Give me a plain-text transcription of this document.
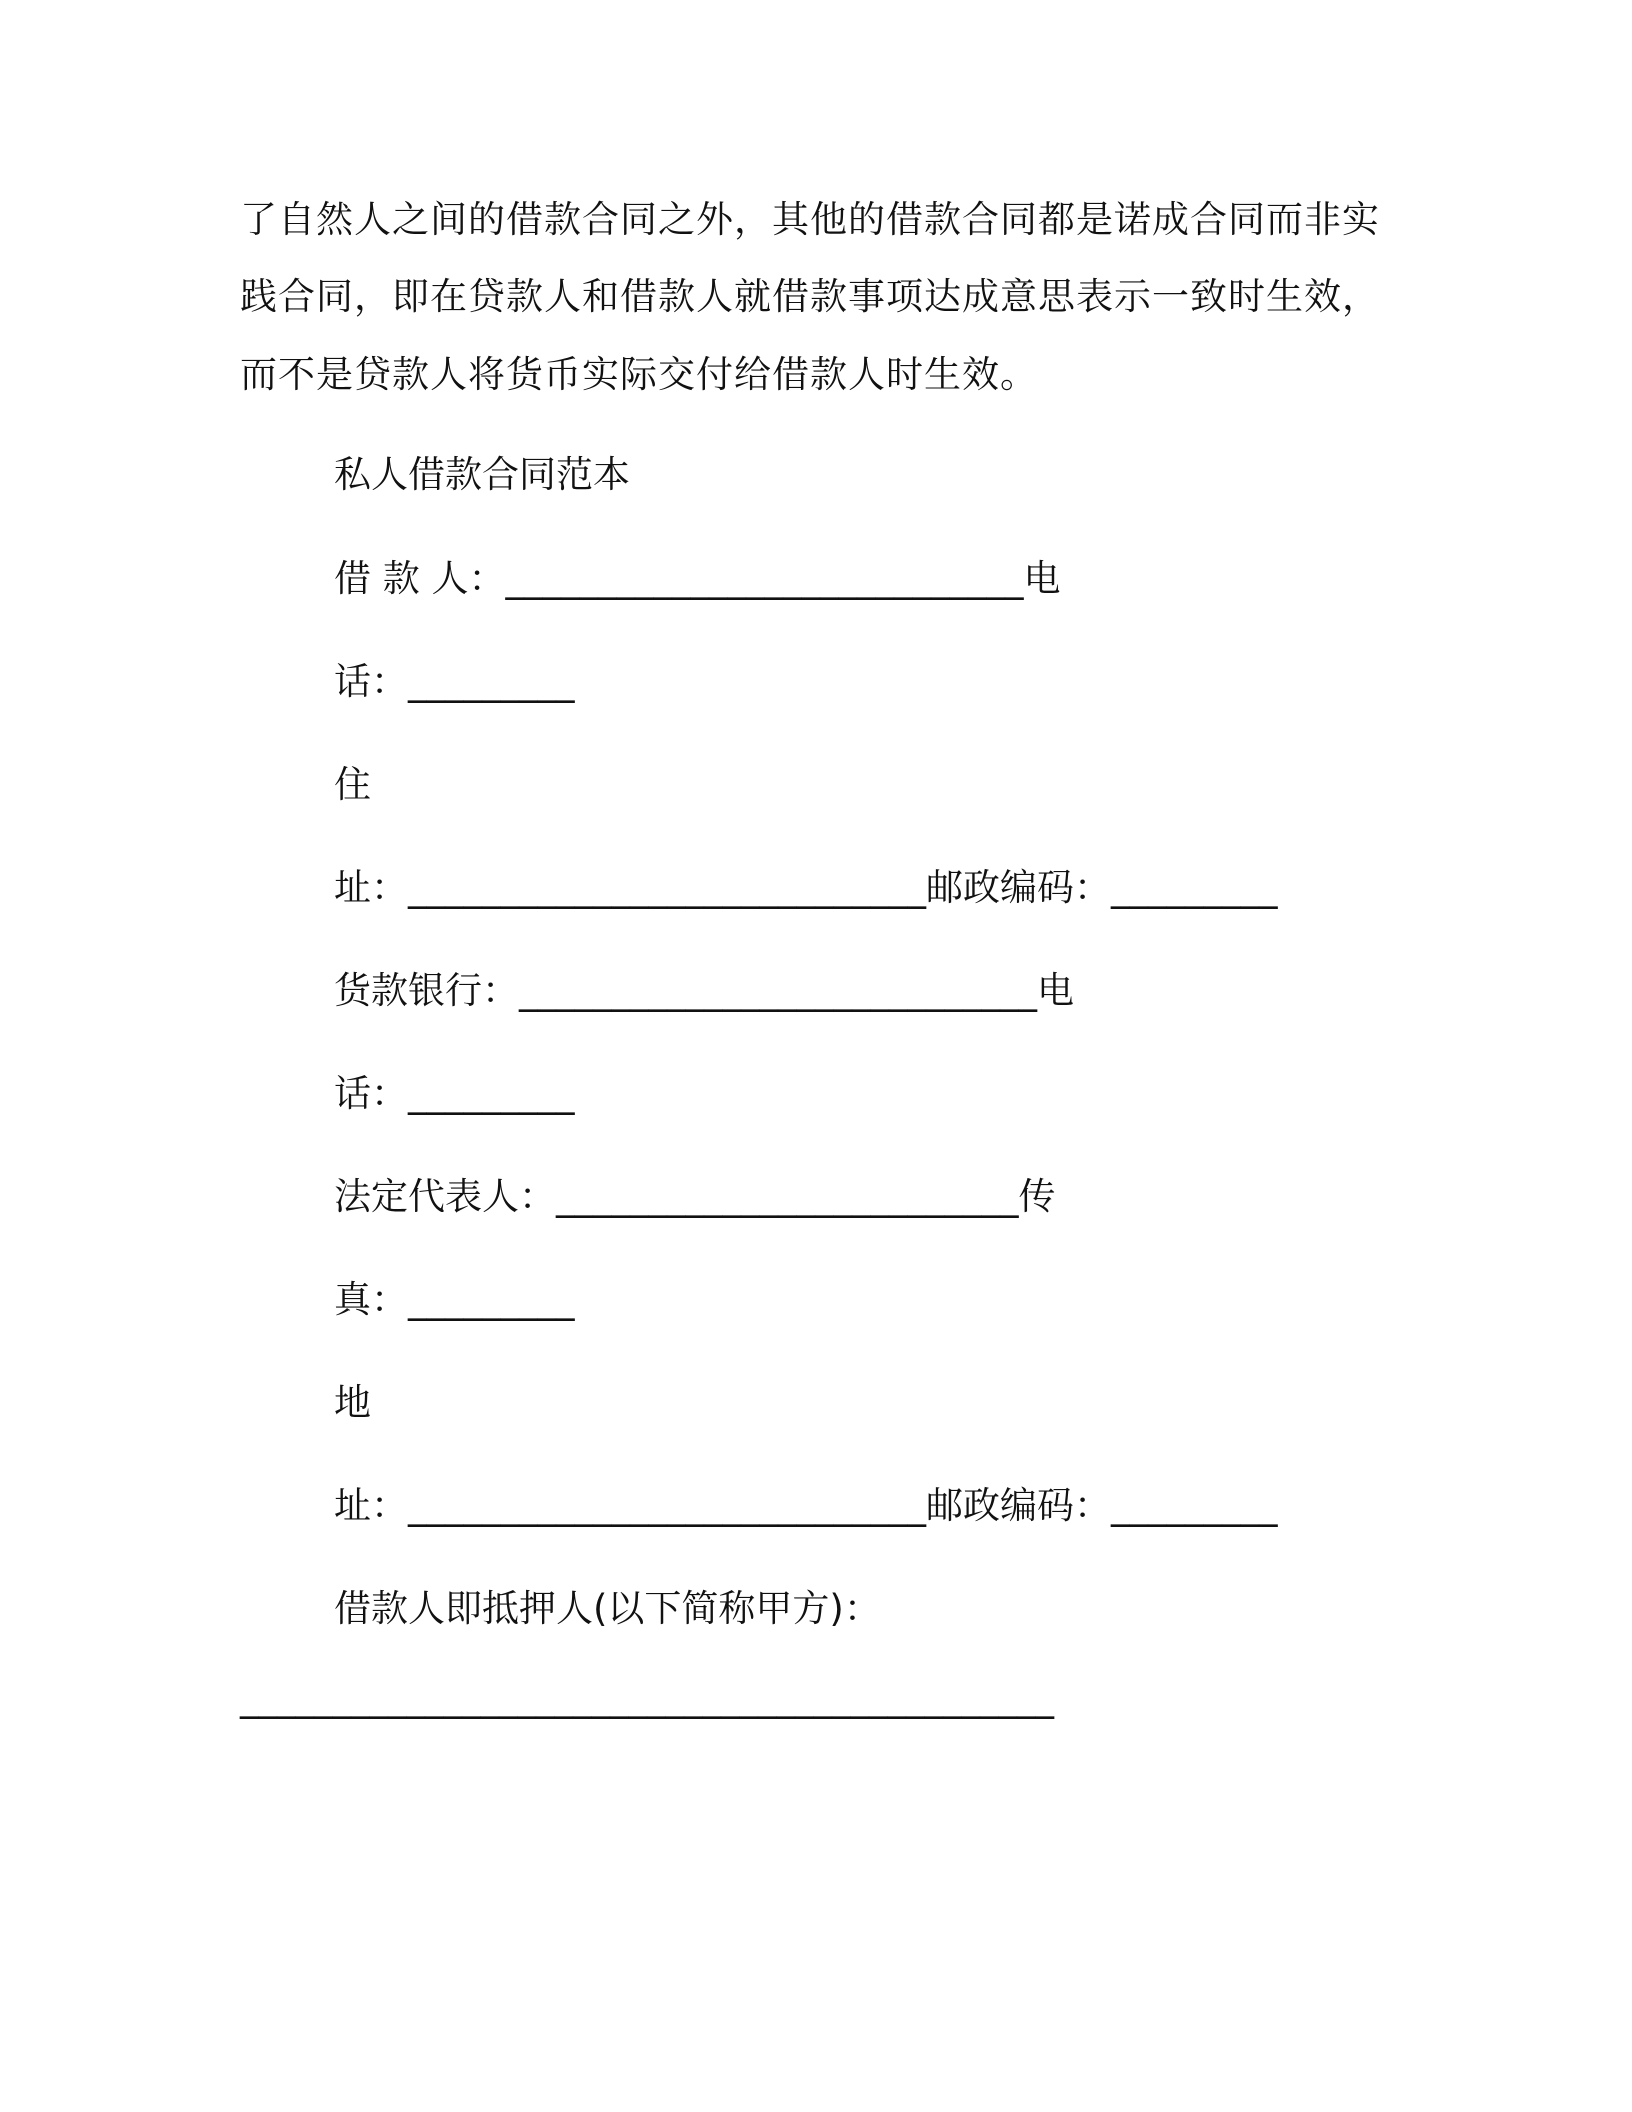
了自然人之间的借款合同之外，其他的借款合同都是诺成合同而非实
践合同，即在贷款人和借款人就借款事项达成意思表示一致时生效，
而不是贷款人将货币实际交付给借款人时生效。
私人借款合同范本
借 款 人：____________________________电
话：_________
住
址：____________________________邮政编码：_________
货款银行：____________________________电
话：_________
法定代表人：_________________________传
真：_________
地
址：____________________________邮政编码：_________
借款人即抵押人(以下简称甲方)：
____________________________________________
